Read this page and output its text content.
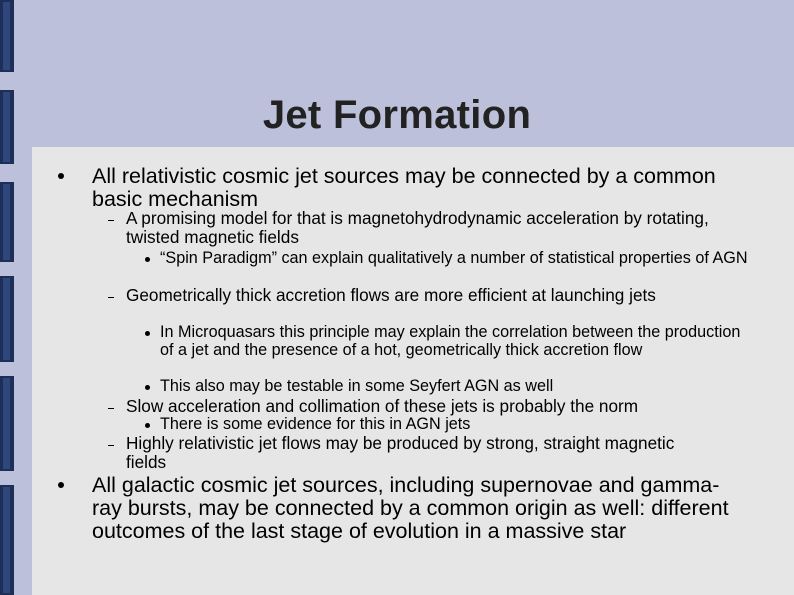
Jet Formation

All relativistic cosmic jet sources may be connected by a common basic mechanism

A promising model for that is magnetohydrodynamic acceleration by rotating, twisted magnetic fields

“Spin Paradigm” can explain qualitatively a number of statistical properties of AGN

Geometrically thick accretion flows are more efficient at launching jets

In Microquasars this principle may explain the correlation between the production of a jet and the presence of a hot, geometrically thick accretion flow

This also may be testable in some Seyfert AGN as well

Slow acceleration and collimation of these jets is probably the norm

There is some evidence for this in AGN jets

Highly relativistic jet flows may be produced by strong, straight magnetic fields

All galactic cosmic jet sources, including supernovae and gamma-ray bursts, may be connected by a common origin as well: different outcomes of the last stage of evolution in a massive star
